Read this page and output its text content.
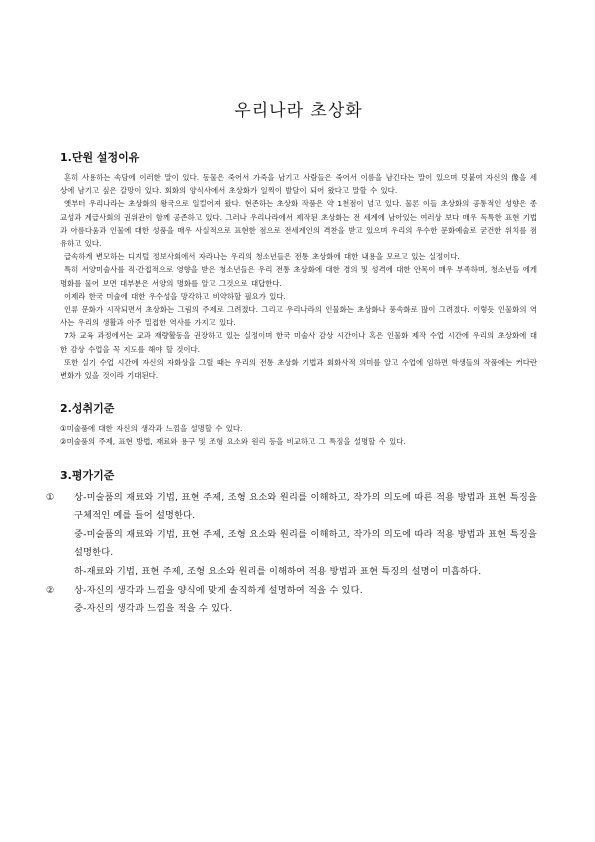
우리나라 초상화
1.단원 설정이유

흔히 사용하는 속담에 이러한 말이 있다. 동물은 죽어서 가죽을 남기고 사람들은 죽어서 이름을 남긴다는 말이 있으며 덧붙여 자신의 像을 세상에 남기고 싶은 갈망이 있다. 회화의 양식사에서 초상화가 일찍이 발달이 되어 왔다고 말할 수 있다.

옛부터 우리나라는 초상화의 왕국으로 일컬어져 왔다. 현존하는 초상화 작품은 약 1천점이 넘고 있다. 물론 이들 초상화의 공통적인 성향은 종교성과 계급사회의 권위관이 함께 공존하고 있다. 그러나 우리나라에서 제작된 초상화는 전 세계에 남아있는 여러상 보다 매우 독특한 표현 기법과 아름다움과 인물에 대한 성품을 매우 사실적으로 표현한 점으로 전세계인의 격찬을 받고 있으며 우리의 우수한 문화예술로 굳건한 위치를 점유하고 있다.

급속하게 변모하는 디지털 정보사회에서 자라나는 우리의 청소년들은 전통 초상화에 대한 내용을 모르고 있는 실정이다.

특히 서양미술사를 직·간접적으로 영향을 받은 청소년들은 우리 전통 초상화에 대한 경의 및 성격에 대한 안목이 매우 부족하며, 청소년들 에게 명화를 물어 보면 대부분은 서양의 명화를 알고 그것으로 대답한다.

이제라 한국 미술에 대한 우수성을 망각하고 비약하할 필요가 있다.

인류 문화가 시작되면서 초상화는 그림의 주제로 그려졌다. 그리고 우리나라의 인물화는 초상화나 풍속화로 많이 그려졌다. 이렇듯 인물화의 역사는 우리의 생활과 아주 밀접한 역사를 가지고 있다.

7차 교육 과정에서는 교과 재량활동을 권장하고 있는 실정이며 한국 미술사 감상 시간이나 혹은 인물화 제작 수업 시간에 우리의 초상화에 대한 감상 수업을 꼭 지도를 해야 할 것이다.

또한 실기 수업 시간에 자신의 자화상을 그릴 때는 우리의 전통 초상화 기법과 회화사적 의미를 알고 수업에 임하면 학생들의 작품에는 커다란 변화가 있을 것이라 기대된다.

2.성취기준

①미술품에 대한 자신의 생각과 느낌을 설명할 수 있다.

②미술품의 주제, 표현 방법, 재료와 용구 및 조형 요소와 원리 등을 비교하고 그 특징을 설명할 수 있다.

3.평가기준
① 상-미술품의 재료와 기법, 표현 주제, 조형 요소와 원리를 이해하고, 작가의 의도에 따른 적용 방법과 표현 특징을 구체적인 예를 들어 설명한다.
중-미술품의 재료와 기법, 표현 주제, 조형 요소와 원리를 이해하고, 작가의 의도에 따라 적용 방법과 표현 특징을 설명한다.
하-재료와 기법, 표현 주제, 조형 요소와 원리를 이해하여 적용 방법과 표현 특징의 설명이 미흡하다.
② 상-자신의 생각과 느낌을 양식에 맞게 솔직하게 설명하여 적을 수 있다.
중-자신의 생각과 느낌을 적을 수 있다.
